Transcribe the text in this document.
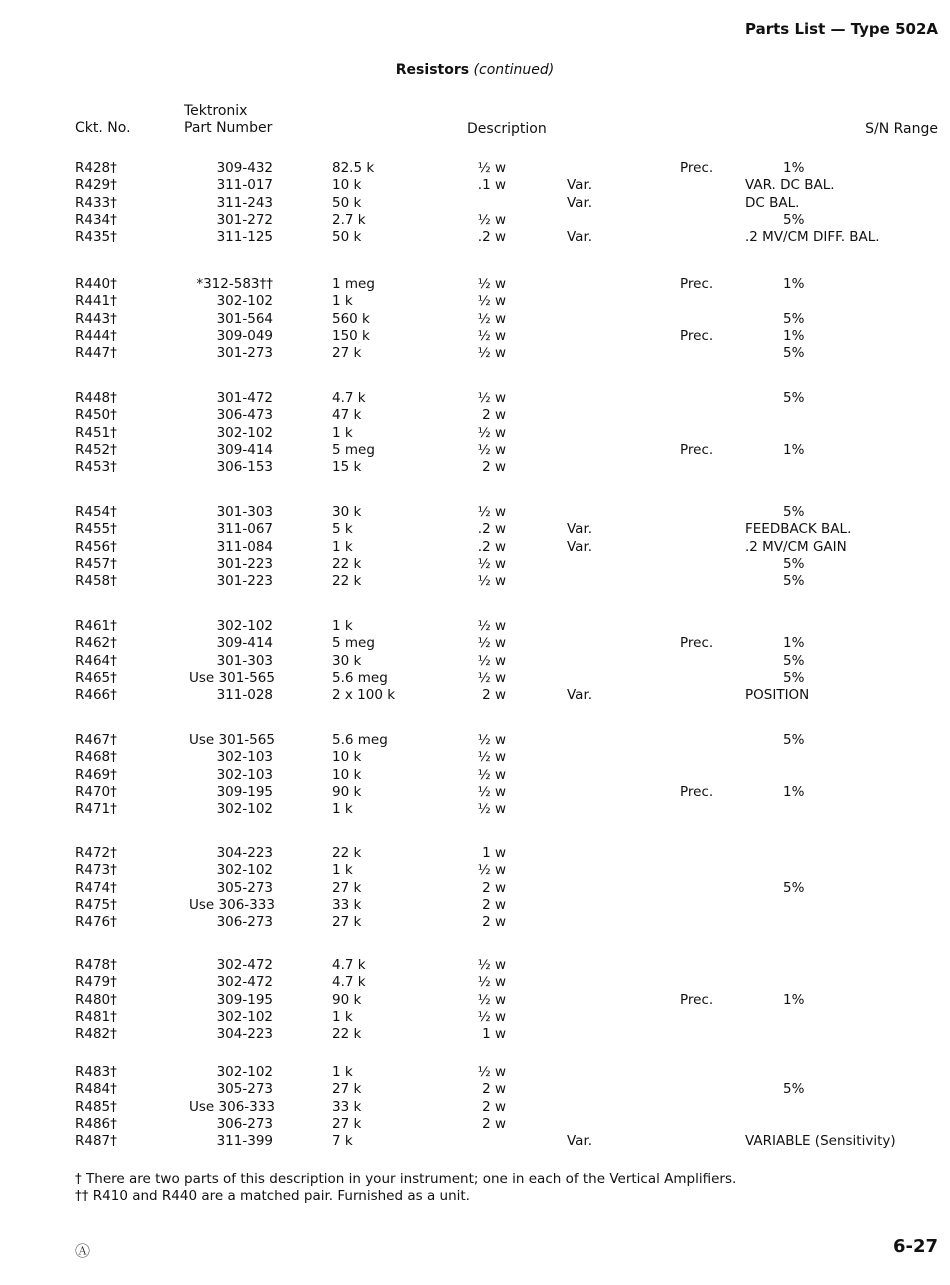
Parts List — Type 502A
Resistors (continued)
Ckt. No.
Tektronix
Part Number	Description	S/N Range
R428†	309-432	82.5 k	½ w	Prec.	1%
R429†	311-017	10 k	.1 w	Var.	VAR. DC BAL.
R433†	311-243	50 k	Var.	DC BAL.
R434†	301-272	2.7 k	½ w	5%
R435†	311-125	50 k	.2 w	Var.	.2 MV/CM DIFF. BAL.
R440†	*312-583††	1 meg	½ w	Prec.	1%
R441†	302-102	1 k	½ w
R443†	301-564	560 k	½ w	5%
R444†	309-049	150 k	½ w	Prec.	1%
R447†	301-273	27 k	½ w	5%
R448†	301-472	4.7 k	½ w	5%
R450†	306-473	47 k	2 w
R451†	302-102	1 k	½ w
R452†	309-414	5 meg	½ w	Prec.	1%
R453†	306-153	15 k	2 w
R454†	301-303	30 k	½ w	5%
R455†	311-067	5 k	.2 w	Var.	FEEDBACK BAL.
R456†	311-084	1 k	.2 w	Var.	.2 MV/CM GAIN
R457†	301-223	22 k	½ w	5%
R458†	301-223	22 k	½ w	5%
R461†	302-102	1 k	½ w
R462†	309-414	5 meg	½ w	Prec.	1%
R464†	301-303	30 k	½ w	5%
R465†	Use 301-565	5.6 meg	½ w	5%
R466†	311-028	2 x 100 k	2 w	Var.	POSITION
R467†	Use 301-565	5.6 meg	½ w	5%
R468†	302-103	10 k	½ w
R469†	302-103	10 k	½ w
R470†	309-195	90 k	½ w	Prec.	1%
R471†	302-102	1 k	½ w
R472†	304-223	22 k	1 w
R473†	302-102	1 k	½ w
R474†	305-273	27 k	2 w	5%
R475†	Use 306-333	33 k	2 w
R476†	306-273	27 k	2 w
R478†	302-472	4.7 k	½ w
R479†	302-472	4.7 k	½ w
R480†	309-195	90 k	½ w	Prec.	1%
R481†	302-102	1 k	½ w
R482†	304-223	22 k	1 w
R483†	302-102	1 k	½ w
R484†	305-273	27 k	2 w	5%
R485†	Use 306-333	33 k	2 w
R486†	306-273	27 k	2 w
R487†	311-399	7 k	Var.	VARIABLE (Sensitivity)
† There are two parts of this description in your instrument; one in each of the Vertical Amplifiers.
†† R410 and R440 are a matched pair. Furnished as a unit.
Ⓐ	6-27
